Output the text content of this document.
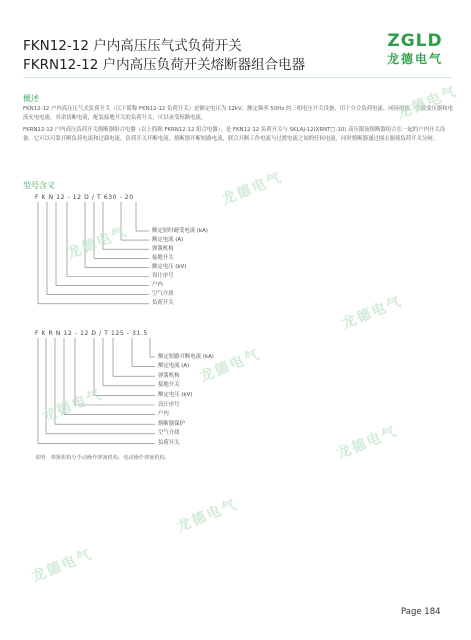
FKN12-12 户内高压压气式负荷开关
FKRN12-12 户内高压负荷开关熔断器组合电器
ZGLD
龙德电气
概述
FKN12-12 户内高压压气式负荷开关（以下简称 FKN12-12 负荷开关）是额定电压为 12kV、额定频率 50Hz 的三相电压开关设备，用于分合负荷电流、闭环电流、空载变压器和电流充电电流。其余切断电流，配装接地开关的负荷开关，可以承受短路电流。
FKRN12-12 户内高压负荷开关熔断器组合电器（以上简称 FKRN12-12 组合电器），是 FKN12-12 负荷开关与 SKLAJ-12(XRNT□-10) 高压限流熔断器组合在一起的户内开关设备。它可以可靠开断负荷电流和过载电流，负荷开关开断电流，熔断器开断短路电流，联合开断工作电流与过渡电流之间的任何电流，同时熔断器通过撞击器使负荷开关分闸。
型号含义
F K N 12 - 12 D / T 630 - 20
F K R N 12 - 12 D / T 125 - 31.5
额定短时耐受电流 (kA)
额定电流 (A)
弹簧机构
接地开关
额定电压 (kV)
设计序号
户内
空气介质
负荷开关
额定短路开断电流 (kA)
额定电流 (A)
弹簧机构
接地开关
额定电压 (kV)
设计序号
户内
熔断器保护
空气介质
负荷开关
说明：弹簧机构分手动操作弹簧机构、电动操作弹簧机构。
龙德电气
龙德电气
龙德电气
龙德电气
龙德电气
龙德电气
龙德电气
龙德电气
龙德电气
Page 184
